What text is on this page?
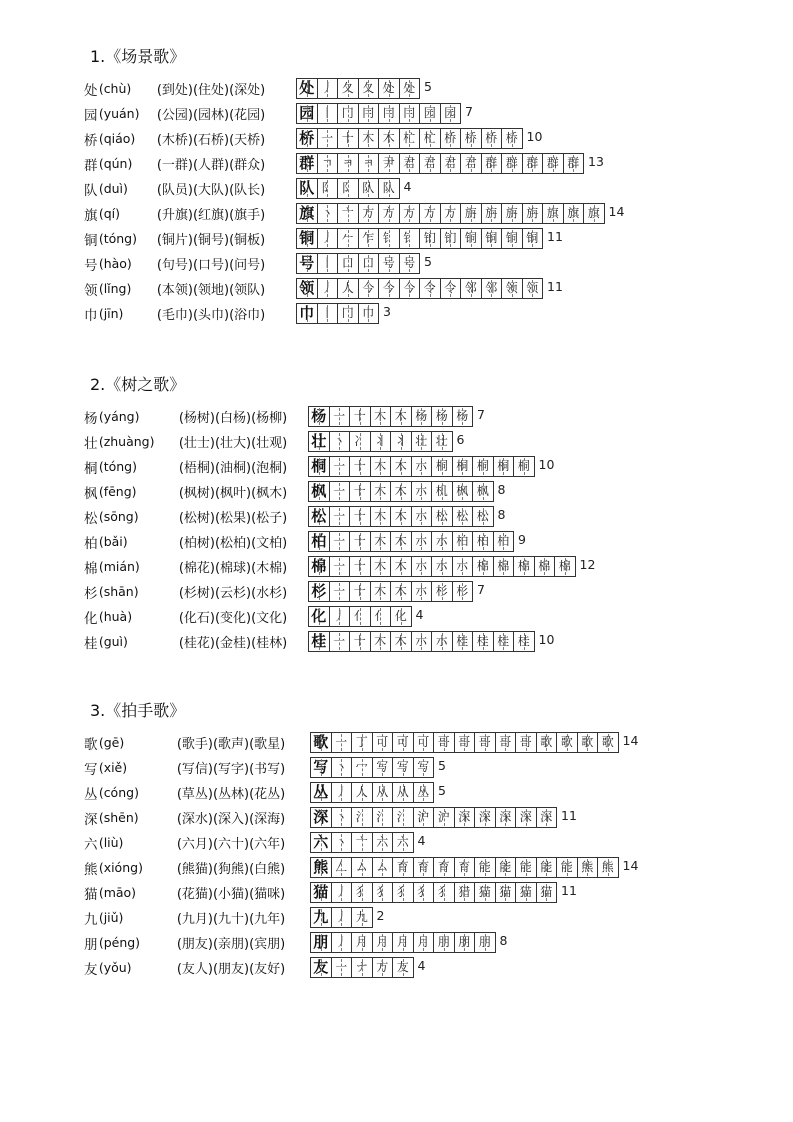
1.《场景歌》
处 (chù)	(到处)(住处)(深处)	处 丿 夂 夂 处 处 5
园 (yuán)	(公园)(园林)(花园)	园 丨 冂 冃 冃 冃 园 园 7
桥 (qiáo)	(木桥)(石桥)(天桥)	桥 一 十 木 木 杧 杧 桥 桥 桥 桥 10
群 (qún)	(一群)(人群)(群众)	群 ㄱ ㅋ ㅋ 尹 君 君 君 君 群 群 群 群 群 13
队 (duì)	(队员)(大队)(队长)	队 阝 阝 队 队 4
旗 (qí)	(升旗)(红旗)(旗手)	旗 丶 亠 方 方 方 方 方 旃 旃 旃 旃 旗 旗 旗 14
铜 (tóng)	(铜片)(铜号)(铜板)	铜 丿 𠂉 乍 钅 钅 钔 钔 铜 铜 铜 铜 11
号 (hào)	(句号)(口号)(问号)	号 丨 口 口 号 号 5
领 (lǐng)	(本领)(领地)(领队)	领 丿 人 今 今 今 令 令 邻 邻 领 领 11
巾 (jīn)	(毛巾)(头巾)(浴巾)	巾 丨 冂 巾 3
2.《树之歌》
杨 (yáng)	(杨树)(白杨)(杨柳)	杨 一 十 木 木 杨 杨 杨 7
壮 (zhuàng)	(壮士)(壮大)(壮观)	壮 丶 冫 丬 丬 壮 壮 6
桐 (tóng)	(梧桐)(油桐)(泡桐)	桐 一 十 木 木 朩 桐 桐 桐 桐 桐 10
枫 (fēng)	(枫树)(枫叶)(枫木)	枫 一 十 木 木 朩 机 枫 枫 8
松 (sōng)	(松树)(松果)(松子)	松 一 十 木 木 朩 松 松 松 8
柏 (bǎi)	(柏树)(松柏)(文柏)	柏 一 十 木 木 朩 朩 柏 柏 柏 9
棉 (mián)	(棉花)(棉球)(木棉)	棉 一 十 木 木 朩 朩 朩 棉 棉 棉 棉 棉 12
杉 (shān)	(杉树)(云杉)(水杉)	杉 一 十 木 木 朩 杉 杉 7
化 (huà)	(化石)(变化)(文化)	化 丿 亻 亻 化 4
桂 (guì)	(桂花)(金桂)(桂林)	桂 一 十 木 木 朩 朩 桂 桂 桂 桂 10
3.《拍手歌》
歌 (gē)	(歌手)(歌声)(歌星)	歌 一 丁 可 可 可 哥 哥 哥 哥 哥 歌 歌 歌 歌 14
写 (xiě)	(写信)(写字)(书写)	写 丶 冖 写 写 写 5
丛 (cóng)	(草丛)(丛林)(花丛)	丛 丿 人 从 从 丛 5
深 (shēn)	(深水)(深入)(深海)	深 丶 氵 氵 氵 沪 沪 深 深 深 深 深 11
六 (liù)	(六月)(六十)(六年)	六 丶 亠 六 六 4
熊 (xióng)	(熊猫)(狗熊)(白熊)	熊 𠃋 ム ム 育 育 育 育 能 能 能 能 能 熊 熊 14
猫 (māo)	(花猫)(小猫)(猫咪)	猫 丿 犭 犭 犭 犭 犭 猎 猫 猫 猫 猫 11
九 (jiǔ)	(九月)(九十)(九年)	九 丿 九 2
朋 (péng)	(朋友)(亲朋)(宾朋)	朋 丿 月 月 月 月 朋 朋 朋 8
友 (yǒu)	(友人)(朋友)(友好)	友 一 ナ 方 友 4
